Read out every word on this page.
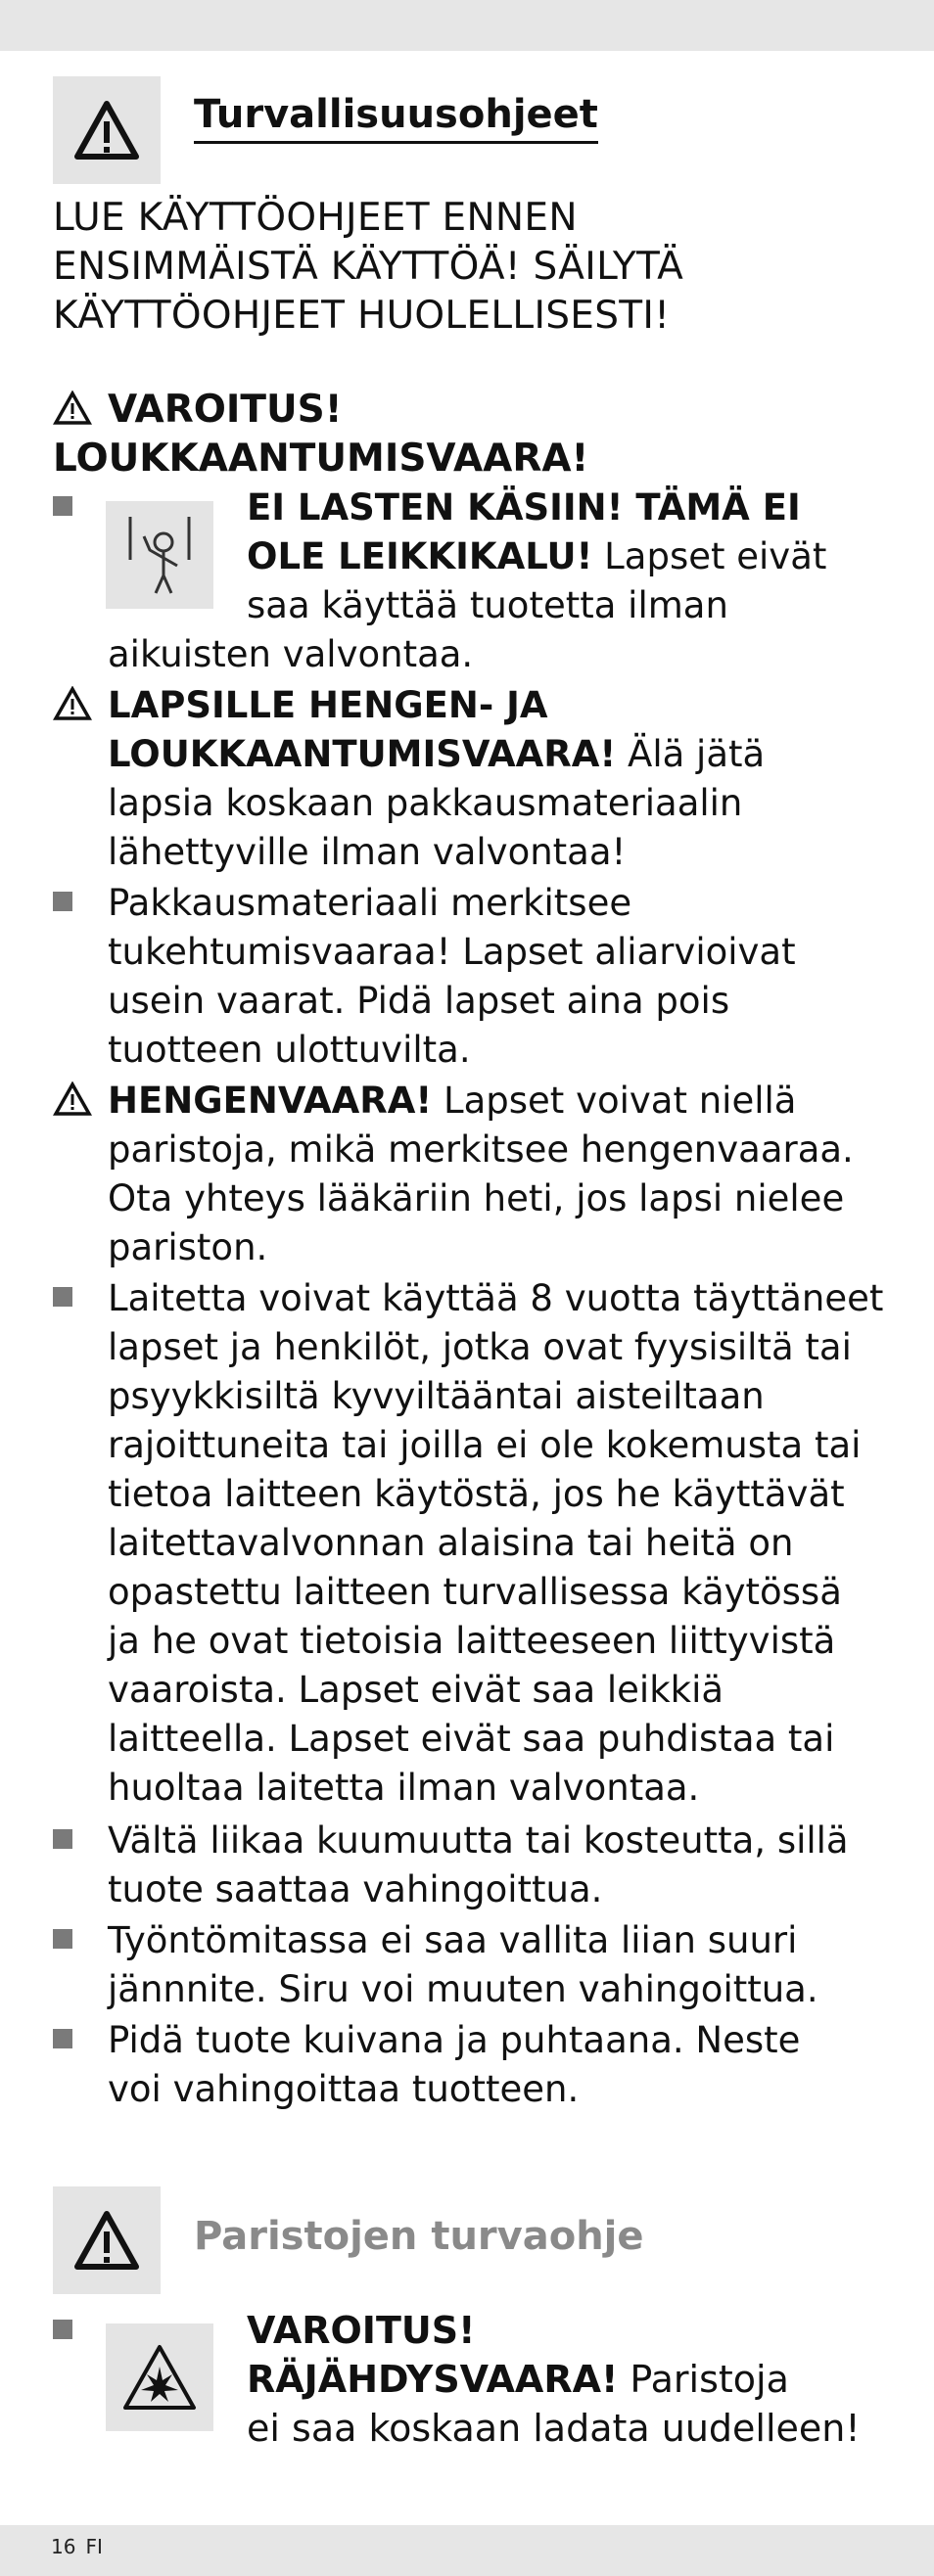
Turvallisuusohjeet
LUE KÄYTTÖOHJEET ENNEN
ENSIMMÄISTÄ KÄYTTÖÄ! SÄILYTÄ
KÄYTTÖOHJEET HUOLELLISESTI!
VAROITUS!
LOUKKAANTUMISVAARA!
EI LASTEN KÄSIIN! TÄMÄ EI
OLE LEIKKIKALU! Lapset eivät
saa käyttää tuotetta ilman
aikuisten valvontaa.
LAPSILLE HENGEN- JA
LOUKKAANTUMISVAARA! Älä jätä
lapsia koskaan pakkausmateriaalin
lähettyville ilman valvontaa!
Pakkausmateriaali merkitsee
tukehtumisvaaraa! Lapset aliarvioivat
usein vaarat. Pidä lapset aina pois
tuotteen ulottuvilta.
HENGENVAARA! Lapset voivat niellä
paristoja, mikä merkitsee hengenvaaraa.
Ota yhteys lääkäriin heti, jos lapsi nielee
pariston.
Laitetta voivat käyttää 8 vuotta täyttäneet
lapset ja henkilöt, jotka ovat fyysisiltä tai
psyykkisiltä kyvyiltääntai aisteiltaan
rajoittuneita tai joilla ei ole kokemusta tai
tietoa laitteen käytöstä, jos he käyttävät
laitettavalvonnan alaisina tai heitä on
opastettu laitteen turvallisessa käytössä
ja he ovat tietoisia laitteeseen liittyvistä
vaaroista. Lapset eivät saa leikkiä
laitteella. Lapset eivät saa puhdistaa tai
huoltaa laitetta ilman valvontaa.
Vältä liikaa kuumuutta tai kosteutta, sillä
tuote saattaa vahingoittua.
Työntömitassa ei saa vallita liian suuri
jännnite. Siru voi muuten vahingoittua.
Pidä tuote kuivana ja puhtaana. Neste
voi vahingoittaa tuotteen.
Paristojen turvaohje
VAROITUS!
RÄJÄHDYSVAARA! Paristoja
ei saa koskaan ladata uudelleen!
16 FI
